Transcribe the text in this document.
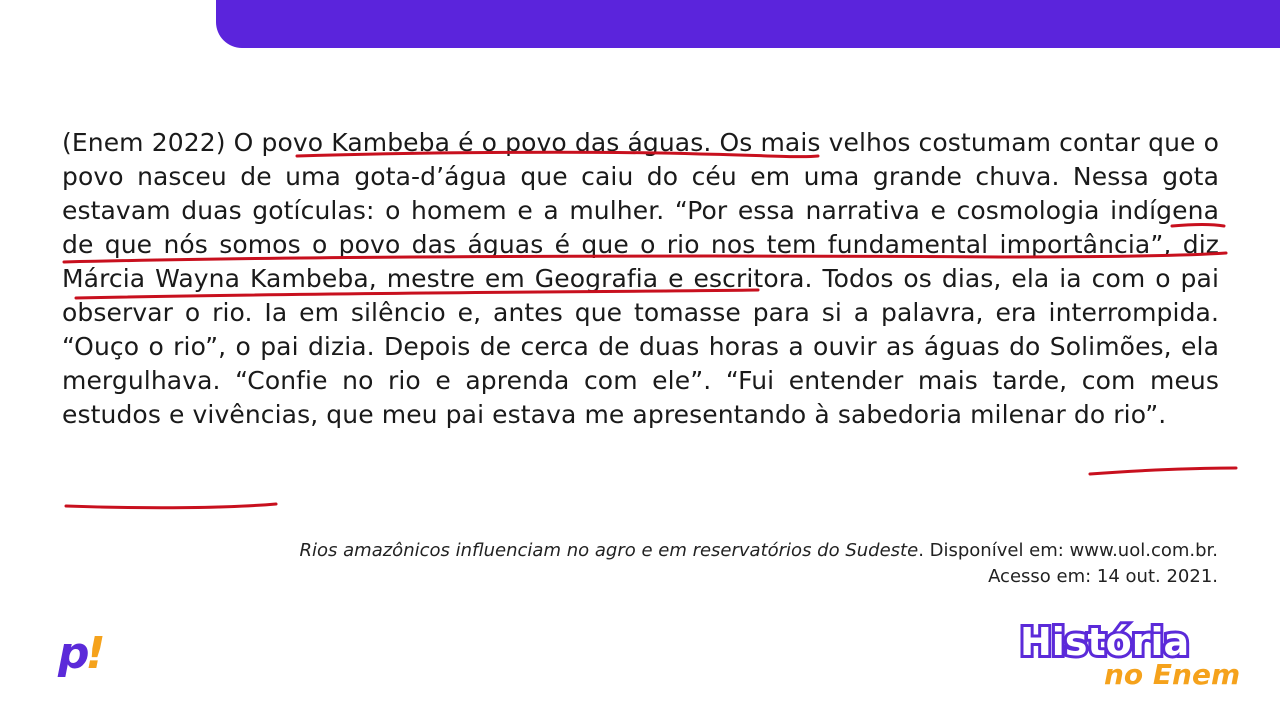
(Enem 2022) O povo Kambeba é o povo das águas. Os mais velhos costumam contar que o povo nasceu de uma gota-d’água que caiu do céu em uma grande chuva. Nessa gota estavam duas gotículas: o homem e a mulher. “Por essa narrativa e cosmologia indígena de que nós somos o povo das águas é que o rio nos tem fundamental importância”, diz Márcia Wayna Kambeba, mestre em Geografia e escritora. Todos os dias, ela ia com o pai observar o rio. Ia em silêncio e, antes que tomasse para si a palavra, era interrompida. “Ouço o rio”, o pai dizia. Depois de cerca de duas horas a ouvir as águas do Solimões, ela mergulhava. “Confie no rio e aprenda com ele”. “Fui entender mais tarde, com meus estudos e vivências, que meu pai estava me apresentando à sabedoria milenar do rio”.

Rios amazônicos influenciam no agro e em reservatórios do Sudeste. Disponível em: www.uol.com.br.
Acesso em: 14 out. 2021.

p!	História
no Enem
